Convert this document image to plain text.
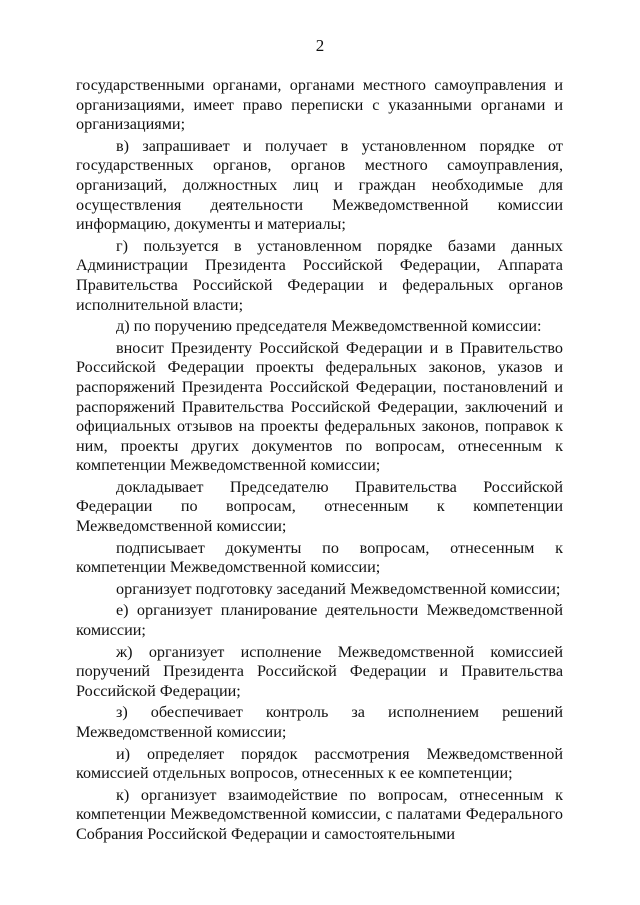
2

государственными органами, органами местного самоуправления и организациями, имеет право переписки с указанными органами и организациями;

в) запрашивает и получает в установленном порядке от государственных органов, органов местного самоуправления, организаций, должностных лиц и граждан необходимые для осуществления деятельности Межведомственной комиссии информацию, документы и материалы;

г) пользуется в установленном порядке базами данных Администрации Президента Российской Федерации, Аппарата Правительства Российской Федерации и федеральных органов исполнительной власти;

д) по поручению председателя Межведомственной комиссии:

вносит Президенту Российской Федерации и в Правительство Российской Федерации проекты федеральных законов, указов и распоряжений Президента Российской Федерации, постановлений и распоряжений Правительства Российской Федерации, заключений и официальных отзывов на проекты федеральных законов, поправок к ним, проекты других документов по вопросам, отнесенным к компетенции Межведомственной комиссии;

докладывает Председателю Правительства Российской Федерации по вопросам, отнесенным к компетенции Межведомственной комиссии;

подписывает документы по вопросам, отнесенным к компетенции Межведомственной комиссии;

организует подготовку заседаний Межведомственной комиссии;

е) организует планирование деятельности Межведомственной комиссии;

ж) организует исполнение Межведомственной комиссией поручений Президента Российской Федерации и Правительства Российской Федерации;

з) обеспечивает контроль за исполнением решений Межведомственной комиссии;

и) определяет порядок рассмотрения Межведомственной комиссией отдельных вопросов, отнесенных к ее компетенции;

к) организует взаимодействие по вопросам, отнесенным к компетенции Межведомственной комиссии, с палатами Федерального Собрания Российской Федерации и самостоятельными
